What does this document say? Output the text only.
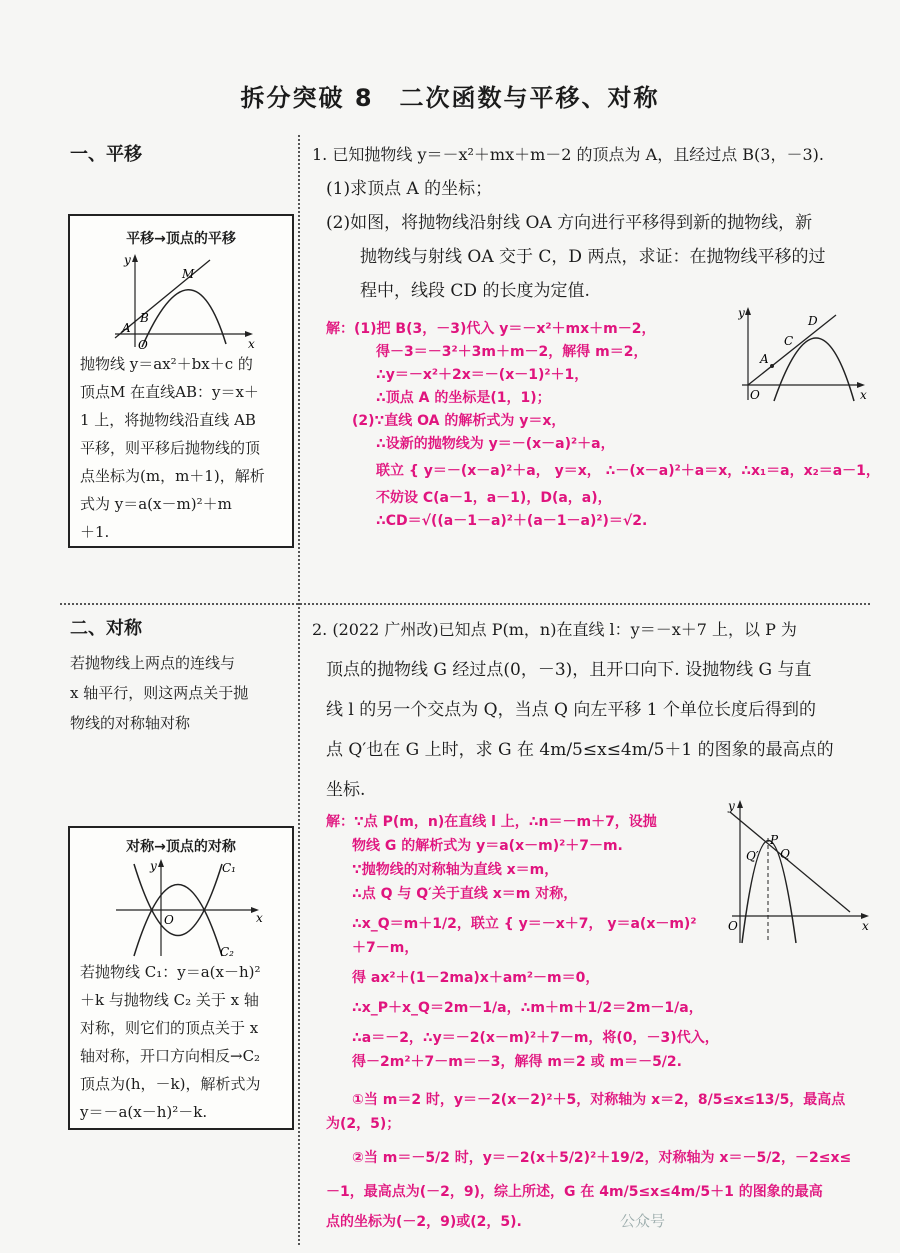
拆分突破 8　二次函数与平移、对称
一、平移
平移→顶点的平移
y
x
O
M
B
A
抛物线 y＝ax²＋bx＋c 的
顶点M 在直线AB：y＝x＋
1 上，将抛物线沿直线 AB
平移，则平移后抛物线的顶
点坐标为(m，m＋1)，解析
式为 y＝a(x－m)²＋m
＋1.
二、对称
若抛物线上两点的连线与
x 轴平行，则这两点关于抛
物线的对称轴对称
对称→顶点的对称
y
x
O
C₁
C₂
若抛物线 C₁：y＝a(x－h)²
＋k 与抛物线 C₂ 关于 x 轴
对称，则它们的顶点关于 x
轴对称，开口方向相反→C₂
顶点为(h，－k)，解析式为
y＝－a(x－h)²－k.
1. 已知抛物线 y＝－x²＋mx＋m－2 的顶点为 A，且经过点 B(3，－3).
(1)求顶点 A 的坐标；
(2)如图，将抛物线沿射线 OA 方向进行平移得到新的抛物线，新
抛物线与射线 OA 交于 C，D 两点，求证：在抛物线平移的过
程中，线段 CD 的长度为定值.
y
x
O
A
C
D
解：(1)把 B(3，－3)代入 y＝－x²＋mx＋m－2，
得－3＝－3²＋3m＋m－2，解得 m＝2，
∴y＝－x²＋2x＝－(x－1)²＋1，
∴顶点 A 的坐标是(1，1)；
(2)∵直线 OA 的解析式为 y＝x，
∴设新的抛物线为 y＝－(x－a)²＋a，
联立 { y＝－(x－a)²＋a， y＝x， ∴－(x－a)²＋a＝x，∴x₁＝a，x₂＝a－1，
不妨设 C(a－1，a－1)，D(a，a)，
∴CD＝√((a－1－a)²＋(a－1－a)²)＝√2.
2. (2022 广州改)已知点 P(m，n)在直线 l：y＝－x＋7 上，以 P 为
顶点的抛物线 G 经过点(0，－3)，且开口向下. 设抛物线 G 与直
线 l 的另一个交点为 Q，当点 Q 向左平移 1 个单位长度后得到的
点 Q′也在 G 上时，求 G 在 4m/5≤x≤4m/5＋1 的图象的最高点的
坐标.
y
x
O
P
Q
Q′
解：∵点 P(m，n)在直线 l 上，∴n＝－m＋7，设抛
物线 G 的解析式为 y＝a(x－m)²＋7－m.
∵抛物线的对称轴为直线 x＝m，
∴点 Q 与 Q′关于直线 x＝m 对称，
∴x_Q＝m＋1/2，联立 { y＝－x＋7， y＝a(x－m)²＋7－m，
得 ax²＋(1－2ma)x＋am²－m＝0，
∴x_P＋x_Q＝2m－1/a，∴m＋m＋1/2＝2m－1/a，
∴a＝－2，∴y＝－2(x－m)²＋7－m，将(0，－3)代入，
得－2m²＋7－m＝－3，解得 m＝2 或 m＝－5/2.
①当 m＝2 时，y＝－2(x－2)²＋5，对称轴为 x＝2，8/5≤x≤13/5，最高点
为(2，5)；
②当 m＝－5/2 时，y＝－2(x＋5/2)²＋19/2，对称轴为 x＝－5/2，－2≤x≤
－1，最高点为(－2，9)，综上所述，G 在 4m/5≤x≤4m/5＋1 的图象的最高
点的坐标为(－2，9)或(2，5).	公众号
